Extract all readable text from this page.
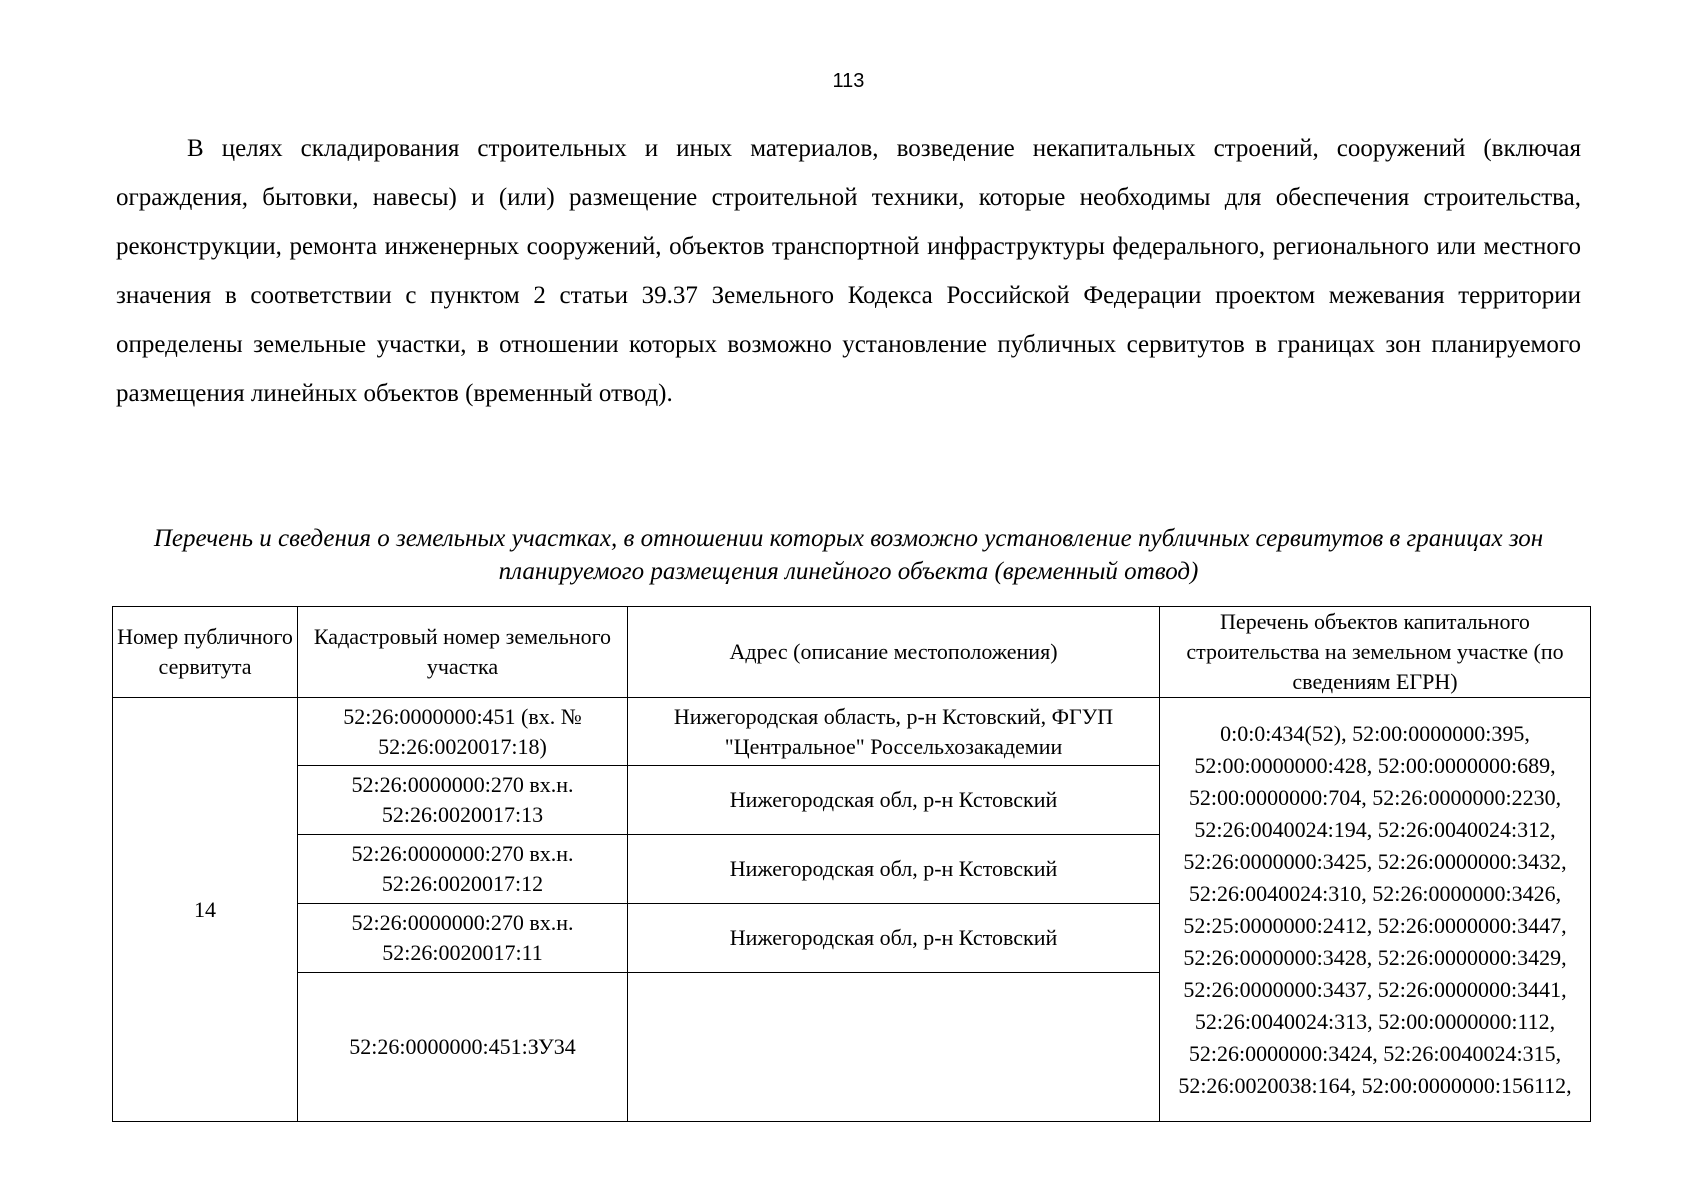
113

В целях складирования строительных и иных материалов, возведение некапитальных строений, сооружений (включая ограждения, бытовки, навесы) и (или) размещение строительной техники, которые необходимы для обеспечения строительства, реконструкции, ремонта инженерных сооружений, объектов транспортной инфраструктуры федерального, регионального или местного значения в соответствии с пунктом 2 статьи 39.37 Земельного Кодекса Российской Федерации проектом межевания территории определены земельные участки, в отношении которых возможно установление публичных сервитутов в границах зон планируемого размещения линейных объектов (временный отвод).

Перечень и сведения о земельных участках, в отношении которых возможно установление публичных сервитутов в границах зон планируемого размещения линейного объекта (временный отвод)

Номер публичного сервитута	Кадастровый номер земельного участка	Адрес (описание местоположения)	Перечень объектов капитального строительства на земельном участке (по сведениям ЕГРН)
14	52:26:0000000:451 (вх. № 52:26:0020017:18)	Нижегородская область, р-н Кстовский, ФГУП "Центральное" Россельхозакадемии	0:0:0:434(52), 52:00:0000000:395, 52:00:0000000:428, 52:00:0000000:689, 52:00:0000000:704, 52:26:0000000:2230, 52:26:0040024:194, 52:26:0040024:312, 52:26:0000000:3425, 52:26:0000000:3432, 52:26:0040024:310, 52:26:0000000:3426, 52:25:0000000:2412, 52:26:0000000:3447, 52:26:0000000:3428, 52:26:0000000:3429, 52:26:0000000:3437, 52:26:0000000:3441, 52:26:0040024:313, 52:00:0000000:112, 52:26:0000000:3424, 52:26:0040024:315, 52:26:0020038:164, 52:00:0000000:156112,
	52:26:0000000:270 вх.н. 52:26:0020017:13	Нижегородская обл, р-н Кстовский	
	52:26:0000000:270 вх.н. 52:26:0020017:12	Нижегородская обл, р-н Кстовский	
	52:26:0000000:270 вх.н. 52:26:0020017:11	Нижегородская обл, р-н Кстовский	
	52:26:0000000:451:ЗУ34		
